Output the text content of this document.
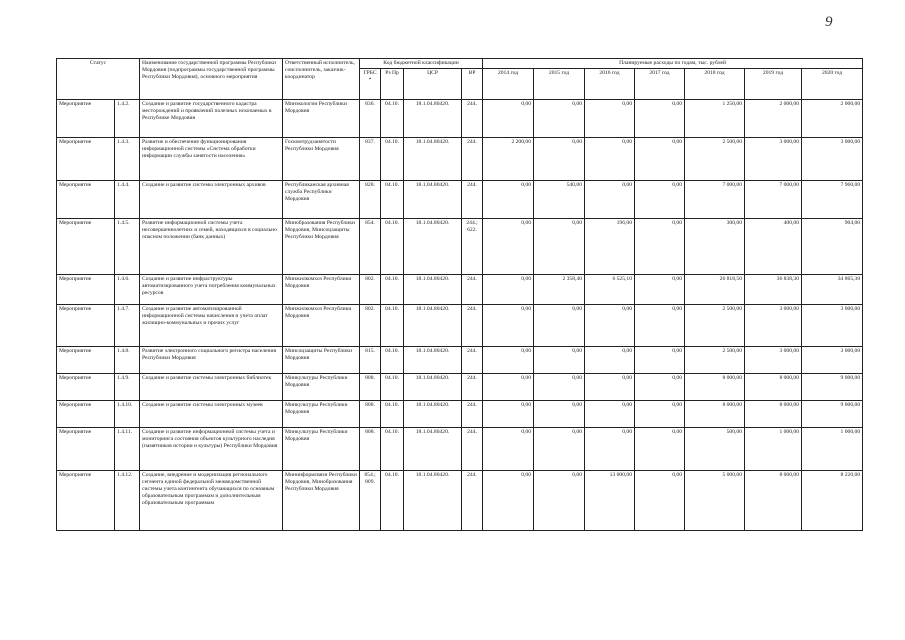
9
Статус		Наименование государственной программы Республики Мордовия (подпрограммы государственной программы Республики Мордовия), основного мероприятия	Ответственный исполнитель, соисполнитель, заказчик-координатор	Код бюджетной классификации				Планируемые расходы по годам, тыс. рублей						
				ГРБС*	Рз Пр	ЦСР	ВР	2014 год	2015 год	2016 год	2017 год	2018 год	2019 год	2020 год
Мероприятие	1.4.2.	Создание и развитие государственного кадастра месторождений и проявлений полезных ископаемых в Республике Мордовия	Минэкологии Республики Мордовия	836.	04.10.	18.1.04.80420.	244.	0,00	0,00	0,00	0,00	1 250,00	2 000,00	2 000,00
Мероприятие	1.4.3.	Развитие и обеспечение функционирования информационной системы «Система обработки информации службы занятости населения»	Госкомтрудзанятости Республики Мордовия	837.	04.10.	18.1.04.80420.	244.	2 200,00	0,00	0,00	0,00	2 500,00	3 000,00	3 000,00
Мероприятие	1.4.4.	Создание и развитие системы электронных архивов	Республиканская архивная служба Республики Мордовия	828.	04.10.	18.1.04.80420.	244.	0,00	540,00	0,00	0,00	7 000,00	7 000,00	7 960,00
Мероприятие	1.4.5.	Развитие информационной системы учета несовершеннолетних и семей, находящихся в социально опасном положении (банк данных)	Минобразования Республики Мордовия, Минсоцзащиты Республики Мордовия	854.	04.10.	18.1.04.80420.	244.; 622.	0,00	0,00	196,00	0,00	300,00	400,00	904,00
Мероприятие	1.4.6.	Создание и развитие инфраструктуры автоматизированного учета потребления коммунальных ресурсов	Минжилкомхоз Республики Мордовия	802.	04.10.	18.1.04.80420.	244.	0,00	2 358,40	6 525,10	0,00	26 818,50	36 838,30	34 865,30
Мероприятие	1.4.7.	Создание и развитие автоматизированной информационной системы начисления и учета оплат жилищно-коммунальных и прочих услуг	Минжилкомхоз Республики Мордовия	802.	04.10.	18.1.04.80420.	244.	0,00	0,00	0,00	0,00	2 500,00	3 000,00	3 000,00
Мероприятие	1.4.8.	Развитие электронного социального регистра населения Республики Мордовия	Минсоцзащиты Республики Мордовия	815.	04.10.	18.1.04.80420.	244.	0,00	0,00	0,00	0,00	2 500,00	3 000,00	3 000,00
Мероприятие	1.4.9.	Создание и развитие системы электронных библиотек	Минкультуры Республики Мордовия	808.	04.10.	18.1.04.80420.	244.	0,00	0,00	0,00	0,00	8 000,00	8 000,00	9 000,00
Мероприятие	1.4.10.	Создание и развитие системы электронных музеев	Минкультуры Республики Мордовия	808.	04.10.	18.1.04.80420.	244.	0,00	0,00	0,00	0,00	8 000,00	8 000,00	9 000,00
Мероприятие	1.4.11.	Создание и развитие информационной системы учета и мониторинга состояния объектов культурного наследия (памятников истории и культуры) Республики Мордовия	Минкультуры Республики Мордовия	808.	04.10.	18.1.04.80420.	244.	0,00	0,00	0,00	0,00	500,00	1 000,00	1 000,00
Мероприятие	1.4.12.	Создание, внедрение и модернизация регионального сегмента единой федеральной межведомственной системы учета контингента обучающихся по основным образовательным программам и дополнительным образовательным программам	Мининформсвязи Республики Мордовия, Минобразования Республики Мордовия	854.; 809.	04.10.	18.1.04.80420.	244.	0,00	0,00	13 000,00	0,00	5 000,00	8 000,00	8 220,00
